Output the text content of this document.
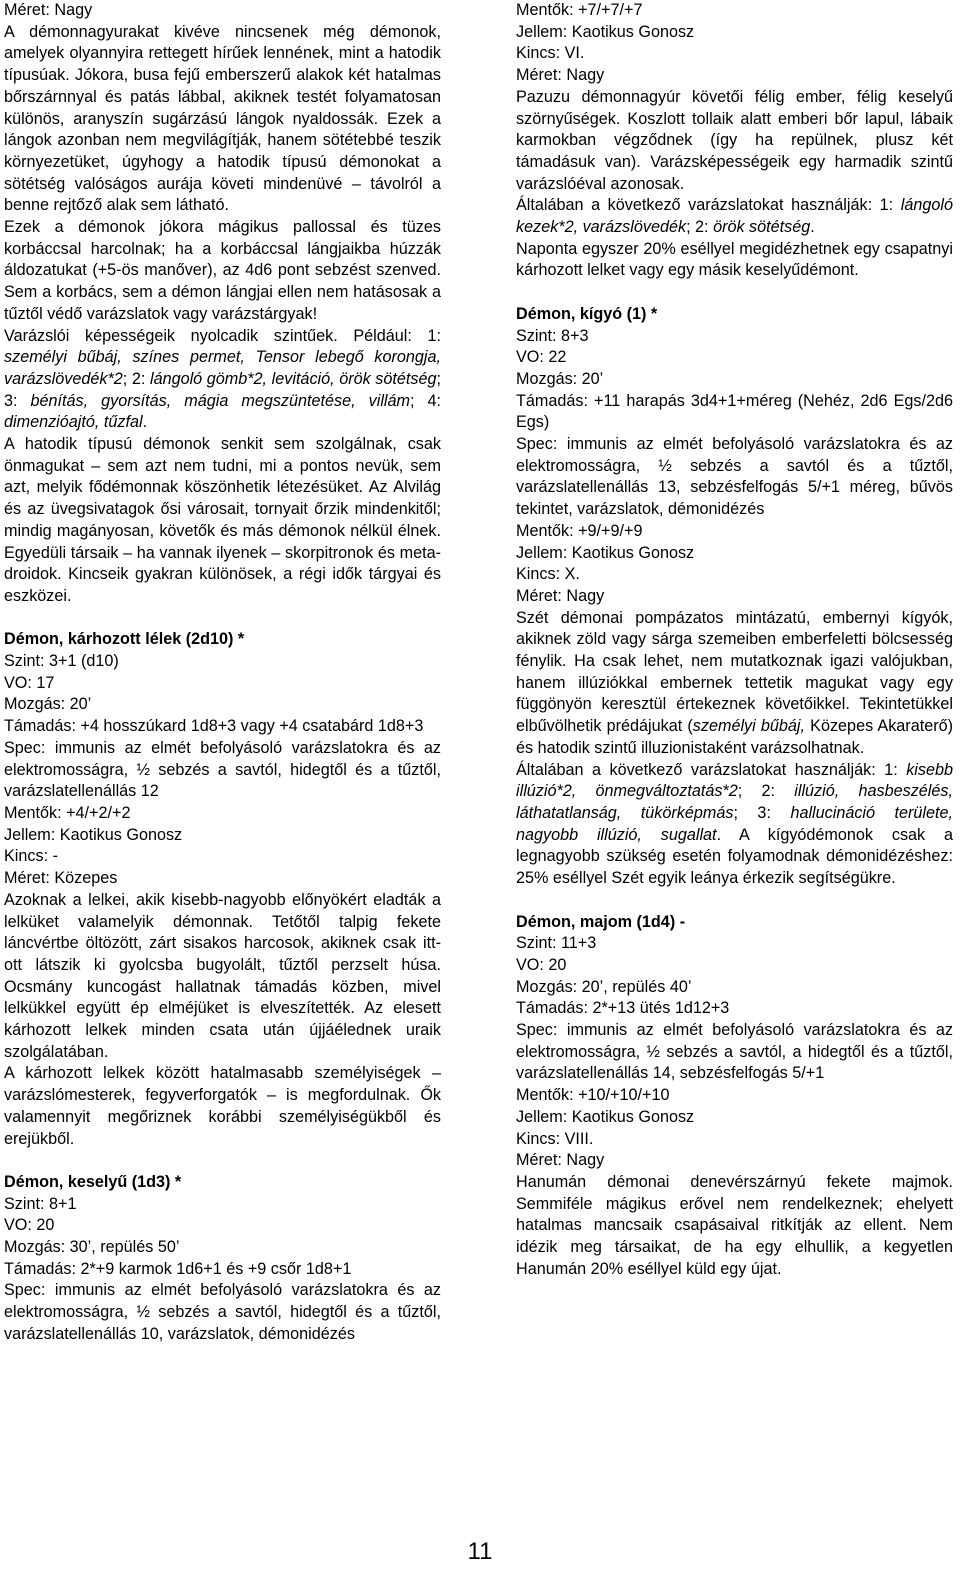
Méret: Nagy

A démonnagyurakat kivéve nincsenek még démonok, amelyek olyannyira rettegett hírűek lennének, mint a hatodik típusúak. Jókora, busa fejű emberszerű alakok két hatalmas bőrszárnnyal és patás lábbal, akiknek testét folyamatosan különös, aranyszín sugárzású lángok nyaldossák. Ezek a lángok azonban nem megvilágítják, hanem sötétebbé teszik környezetüket, úgyhogy a hatodik típusú démonokat a sötétség valóságos aurája követi mindenüvé – távolról a benne rejtőző alak sem látható.

Ezek a démonok jókora mágikus pallossal és tüzes korbáccsal harcolnak; ha a korbáccsal lángjaikba húzzák áldozatukat (+5-ös manőver), az 4d6 pont sebzést szenved. Sem a korbács, sem a démon lángjai ellen nem hatásosak a tűztől védő varázslatok vagy varázstárgyak!

Varázslói képességeik nyolcadik szintűek. Például: 1: személyi bűbáj, színes permet, Tensor lebegő korongja, varázslövedék*2; 2: lángoló gömb*2, levitáció, örök sötétség; 3: bénítás, gyorsítás, mágia megszüntetése, villám; 4: dimenzióajtó, tűzfal.

A hatodik típusú démonok senkit sem szolgálnak, csak önmagukat – sem azt nem tudni, mi a pontos nevük, sem azt, melyik fődémonnak köszönhetik létezésüket. Az Alvilág és az üvegsivatagok ősi városait, tornyait őrzik mindenkitől; mindig magányosan, követők és más démonok nélkül élnek. Egyedüli társaik – ha vannak ilyenek – skorpitronok és meta-droidok. Kincseik gyakran különösek, a régi idők tárgyai és eszközei.

Démon, kárhozott lélek (2d10) *

Szint: 3+1 (d10)

VO: 17

Mozgás: 20’

Támadás: +4 hosszúkard 1d8+3 vagy +4 csatabárd 1d8+3

Spec: immunis az elmét befolyásoló varázslatokra és az elektromosságra, ½ sebzés a savtól, hidegtől és a tűztől, varázslatellenállás 12

Mentők: +4/+2/+2

Jellem: Kaotikus Gonosz

Kincs: -

Méret: Közepes

Azoknak a lelkei, akik kisebb-nagyobb előnyökért eladták a lelküket valamelyik démonnak. Tetőtől talpig fekete láncvértbe öltözött, zárt sisakos harcosok, akiknek csak itt-ott látszik ki gyolcsba bugyolált, tűztől perzselt húsa. Ocsmány kuncogást hallatnak támadás közben, mivel lelkükkel együtt ép elméjüket is elveszítették. Az elesett kárhozott lelkek minden csata után újjáélednek uraik szolgálatában.

A kárhozott lelkek között hatalmasabb személyiségek – varázslómesterek, fegyverforgatók – is megfordulnak. Ők valamennyit megőriznek korábbi személyiségükből és erejükből.

Démon, keselyű (1d3) *

Szint: 8+1

VO: 20

Mozgás: 30’, repülés 50’

Támadás: 2*+9 karmok 1d6+1 és +9 csőr 1d8+1

Spec: immunis az elmét befolyásoló varázslatokra és az elektromosságra, ½ sebzés a savtól, hidegtől és a tűztől, varázslatellenállás 10, varázslatok, démonidézés

Mentők: +7/+7/+7

Jellem: Kaotikus Gonosz

Kincs: VI.

Méret: Nagy

Pazuzu démonnagyúr követői félig ember, félig keselyű szörnyűségek. Koszlott tollaik alatt emberi bőr lapul, lábaik karmokban végződnek (így ha repülnek, plusz két támadásuk van). Varázsképességeik egy harmadik szintű varázslóéval azonosak.

Általában a következő varázslatokat használják: 1: lángoló kezek*2, varázslövedék; 2: örök sötétség.

Naponta egyszer 20% eséllyel megidézhetnek egy csapatnyi kárhozott lelket vagy egy másik keselyűdémont.

Démon, kígyó (1) *

Szint: 8+3

VO: 22

Mozgás: 20’

Támadás: +11 harapás 3d4+1+méreg (Nehéz, 2d6 Egs/2d6 Egs)

Spec: immunis az elmét befolyásoló varázslatokra és az elektromosságra, ½ sebzés a savtól és a tűztől, varázslatellenállás 13, sebzésfelfogás 5/+1 méreg, bűvös tekintet, varázslatok, démonidézés

Mentők: +9/+9/+9

Jellem: Kaotikus Gonosz

Kincs: X.

Méret: Nagy

Szét démonai pompázatos mintázatú, embernyi kígyók, akiknek zöld vagy sárga szemeiben emberfeletti bölcsesség fénylik. Ha csak lehet, nem mutatkoznak igazi valójukban, hanem illúziókkal embernek tettetik magukat vagy egy függönyön keresztül értekeznek követőikkel. Tekintetükkel elbűvölhetik prédájukat (személyi bűbáj, Közepes Akaraterő) és hatodik szintű illuzionistaként varázsolhatnak.

Általában a következő varázslatokat használják: 1: kisebb illúzió*2, önmegváltoztatás*2; 2: illúzió, hasbeszélés, láthatatlanság, tükörképmás; 3: hallucináció területe, nagyobb illúzió, sugallat. A kígyódémonok csak a legnagyobb szükség esetén folyamodnak démonidézéshez: 25% eséllyel Szét egyik leánya érkezik segítségükre.

Démon, majom (1d4) -

Szint: 11+3

VO: 20

Mozgás: 20’, repülés 40’

Támadás: 2*+13 ütés 1d12+3

Spec: immunis az elmét befolyásoló varázslatokra és az elektromosságra, ½ sebzés a savtól, a hidegtől és a tűztől, varázslatellenállás 14, sebzésfelfogás 5/+1

Mentők: +10/+10/+10

Jellem: Kaotikus Gonosz

Kincs: VIII.

Méret: Nagy

Hanumán démonai denevérszárnyú fekete majmok. Semmiféle mágikus erővel nem rendelkeznek; ehelyett hatalmas mancsaik csapásaival ritkítják az ellent. Nem idézik meg társaikat, de ha egy elhullik, a kegyetlen Hanumán 20% eséllyel küld egy újat.

11
